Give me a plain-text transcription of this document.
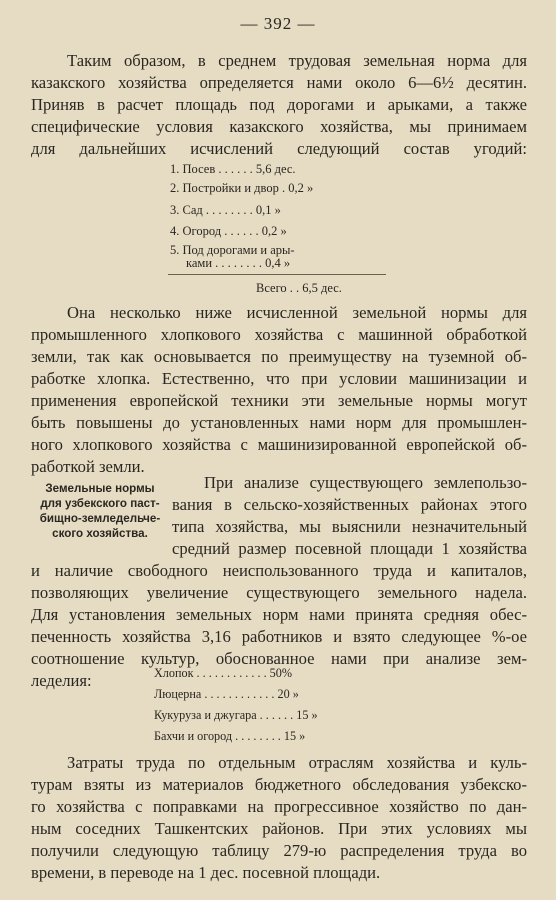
— 392 —
Таким образом, в среднем трудовая земельная норма для
казакского хозяйства определяется нами около 6—6½ десятин.
Приняв в расчет площадь под дорогами и арыками, а также
специфические условия казакского хозяйства, мы принимаем
для дальнейших исчислений следующий состав угодий:
1. Посев . . . . . . 5,6 дес.
2. Постройки и двор . 0,2 »
3. Сад . . . . . . . . 0,1 »
4. Огород . . . . . . 0,2 »
5. Под дорогами и ары-
ками . . . . . . . . 0,4 »
Всего . . 6,5 дес.
Она несколько ниже исчисленной земельной нормы для
промышленного хлопкового хозяйства с машинной обработкой
земли, так как основывается по преимуществу на туземной об-
работке хлопка. Естественно, что при условии машинизации и
применения европейской техники эти земельные нормы могут
быть повышены до установленных нами норм для промышлен-
ного хлопкового хозяйства с машинизированной европейской об-
работкой земли.
Земельные нормы
для узбекского паст-
бищно-земледельче-
ского хозяйства.
При анализе существующего землепользо-
вания в сельско-хозяйственных районах этого
типа хозяйства, мы выяснили незначительный
средний размер посевной площади 1 хозяйства
и наличие свободного неиспользованного труда и капиталов,
позволяющих увеличение существующего земельного надела.
Для установления земельных норм нами принята средняя обес-
печенность хозяйства 3,16 работников и взято следующее %-ое
соотношение культур, обоснованное нами при анализе зем-
леделия:	Хлопок . . . . . . . . . . . . 50%
Люцерна . . . . . . . . . . . . 20 »
Кукуруза и джугара . . . . . . 15 »
Бахчи и огород . . . . . . . . 15 »
Затраты труда по отдельным отраслям хозяйства и куль-
турам взяты из материалов бюджетного обследования узбекско-
го хозяйства с поправками на прогрессивное хозяйство по дан-
ным соседних Ташкентских районов. При этих условиях мы
получили следующую таблицу 279-ю распределения труда во
времени, в переводе на 1 дес. посевной площади.
